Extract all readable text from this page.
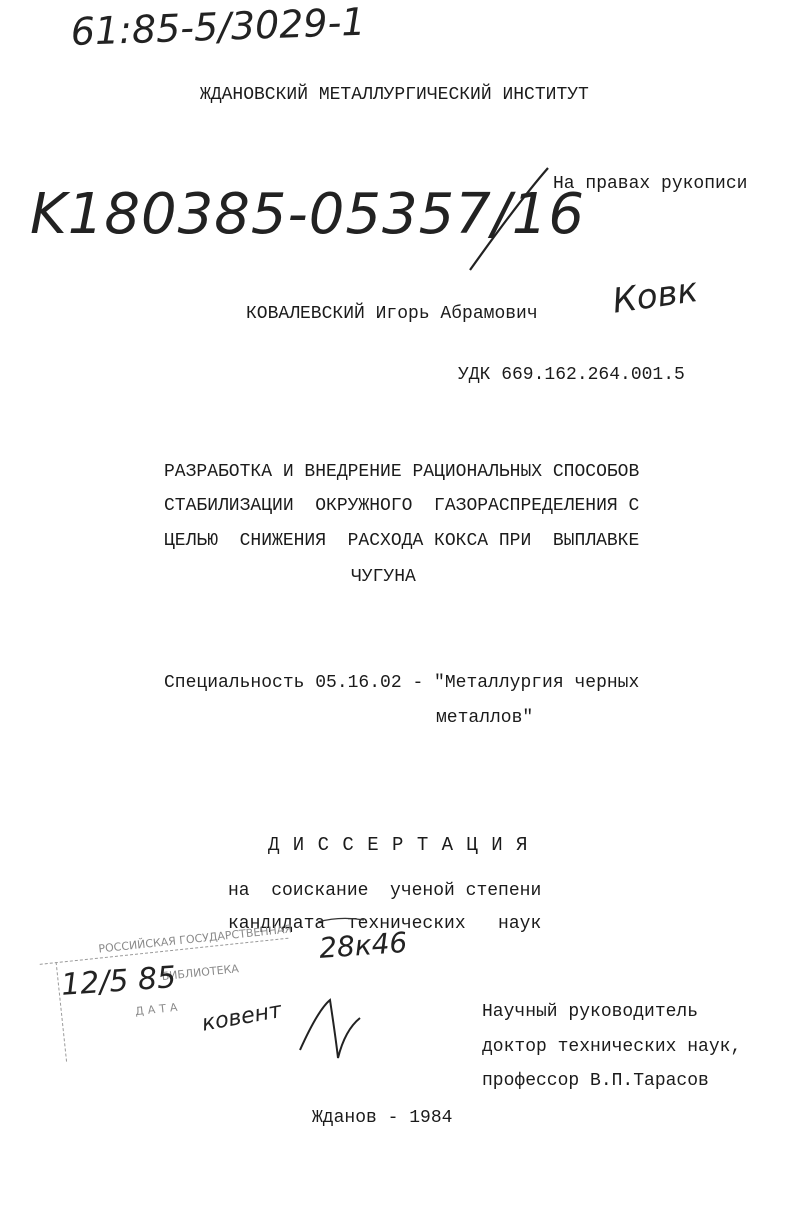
61:85-5/3029-1
ЖДАНОВСКИЙ МЕТАЛЛУРГИЧЕСКИЙ ИНСТИТУТ
На правах рукописи
K180385-05357/16
КОВАЛЕВСКИЙ Игорь Абрамович Ковк
УДК 669.162.264.001.5
РАЗРАБОТКА И ВНЕДРЕНИЕ РАЦИОНАЛЬНЫХ СПОСОБОВ
СТАБИЛИЗАЦИИ  ОКРУЖНОГО  ГАЗОРАСПРЕДЕЛЕНИЯ С
ЦЕЛЬЮ  СНИЖЕНИЯ  РАСХОДА КОКСА ПРИ  ВЫПЛАВКЕ
ЧУГУНА
Специальность 05.16.02 - "Металлургия черных
металлов"
Д И С С Е Р Т А Ц И Я
на  соискание  ученой степени
кандидата  технических   наук
28к46
РОССИЙСКАЯ ГОСУДАРСТВЕННАЯ
БИБЛИОТЕКА
ДАТА
12/5 85
ковент	Научный руководитель
доктор технических наук,
профессор В.П.Тарасов
Жданов - 1984
